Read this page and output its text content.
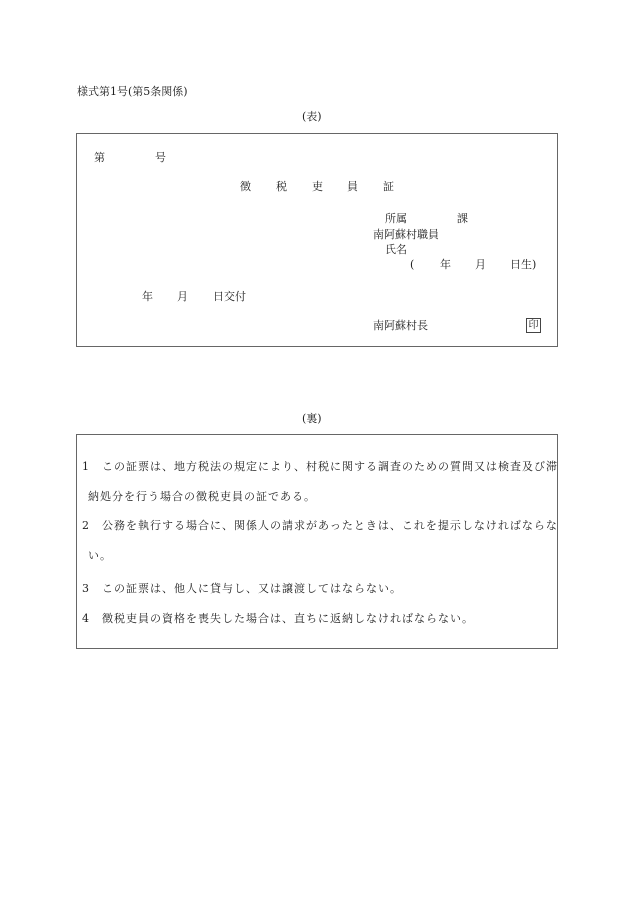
様式第1号(第5条関係)
(表)
第	号
徴 税 吏 員 証
所属	課
南阿蘇村職員
氏名
( 年 月 日生)
年 月 日交付
南阿蘇村長	印
(裏)
1　この証票は、地方税法の規定により、村税に関する調査のための質問又は検査及び滞
納処分を行う場合の徴税吏員の証である。
2　公務を執行する場合に、関係人の請求があったときは、これを提示しなければならな
い。
3　この証票は、他人に貸与し、又は譲渡してはならない。
4　徴税吏員の資格を喪失した場合は、直ちに返納しなければならない。
